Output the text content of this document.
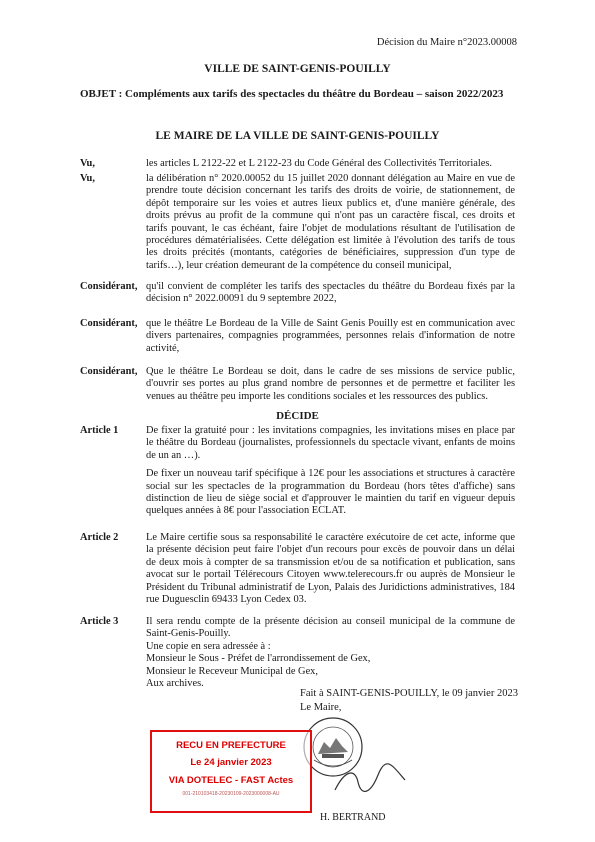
Décision du Maire n°2023.00008
VILLE DE SAINT-GENIS-POUILLY
OBJET : Compléments aux tarifs des spectacles du théâtre du Bordeau – saison 2022/2023
LE MAIRE DE LA VILLE DE SAINT-GENIS-POUILLY
Vu,	les articles L 2122-22 et L 2122-23 du Code Général des Collectivités Territoriales.
Vu,	la délibération n° 2020.00052 du 15 juillet 2020 donnant délégation au Maire en vue de prendre toute décision concernant les tarifs des droits de voirie, de stationnement, de dépôt temporaire sur les voies et autres lieux publics et, d'une manière générale, des droits prévus au profit de la commune qui n'ont pas un caractère fiscal, ces droits et tarifs pouvant, le cas échéant, faire l'objet de modulations résultant de l'utilisation de procédures dématérialisées. Cette délégation est limitée à l'évolution des tarifs de tous les droits précités (montants, catégories de bénéficiaires, suppression d'un type de tarifs…), leur création demeurant de la compétence du conseil municipal,
Considérant, qu'il convient de compléter les tarifs des spectacles du théâtre du Bordeau fixés par la décision n° 2022.00091 du 9 septembre 2022,
Considérant, que le théâtre Le Bordeau de la Ville de Saint Genis Pouilly est en communication avec divers partenaires, compagnies programmées, personnes relais d'information de notre activité,
Considérant, Que le théâtre Le Bordeau se doit, dans le cadre de ses missions de service public, d'ouvrir ses portes au plus grand nombre de personnes et de permettre et faciliter les venues au théâtre peu importe les conditions sociales et les ressources des publics.
DÉCIDE
Article 1	De fixer la gratuité pour : les invitations compagnies, les invitations mises en place par le théâtre du Bordeau (journalistes, professionnels du spectacle vivant, enfants de moins de un an …).

De fixer un nouveau tarif spécifique à 12€ pour les associations et structures à caractère social sur les spectacles de la programmation du Bordeau (hors têtes d'affiche) sans distinction de lieu de siège social et d'approuver le maintien du tarif en vigueur depuis quelques années à 8€ pour l'association ECLAT.

Article 2	Le Maire certifie sous sa responsabilité le caractère exécutoire de cet acte, informe que la présente décision peut faire l'objet d'un recours pour excès de pouvoir dans un délai de deux mois à compter de sa transmission et/ou de sa notification et publication, sans avocat sur le portail Télérecours Citoyen www.telerecours.fr ou auprès de Monsieur le Président du Tribunal administratif de Lyon, Palais des Juridictions administratives, 184 rue Duguesclin 69433 Lyon Cedex 03.

Article 3	Il sera rendu compte de la présente décision au conseil municipal de la commune de Saint-Genis-Pouilly.

Une copie en sera adressée à :

Monsieur le Sous - Préfet de l'arrondissement de Gex,

Monsieur le Receveur Municipal de Gex,

Aux archives.

Fait à SAINT-GENIS-POUILLY, le 09 janvier 2023
Le Maire,
H. BERTRAND
RECU EN PREFECTURE
Le 24 janvier 2023
VIA DOTELEC - FAST Actes
001-210103418-20230109-2023000008-AU
